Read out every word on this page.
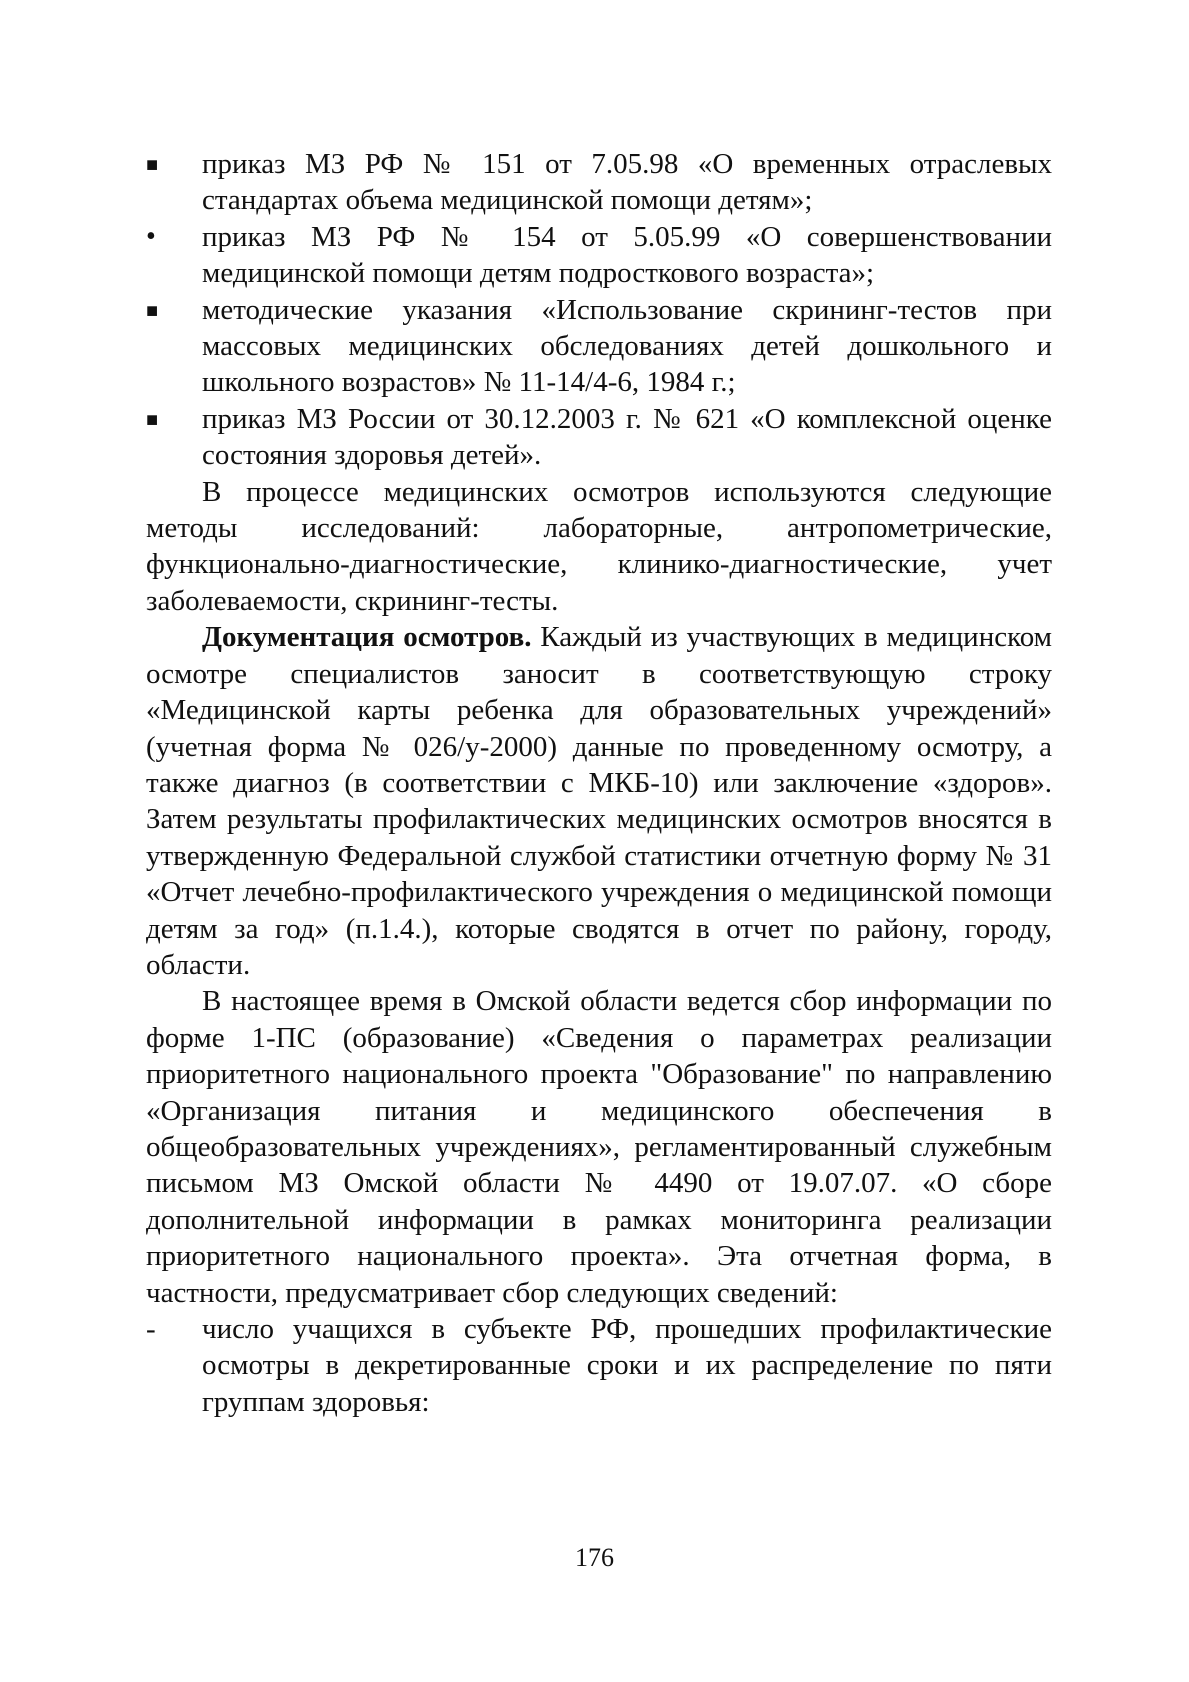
■	приказ МЗ РФ № 151 от 7.05.98 «О временных отраслевых стандартах объема медицинской помощи детям»;
•	приказ МЗ РФ № 154 от 5.05.99 «О совершенствовании медицинской помощи детям подросткового возраста»;
■	методические указания «Использование скрининг-тестов при массовых медицинских обследованиях детей дошкольного и школьного возрастов» № 11-14/4-6, 1984 г.;
■	приказ МЗ России от 30.12.2003 г. № 621 «О комплексной оценке состояния здоровья детей».

В процессе медицинских осмотров используются следующие методы исследований: лабораторные, антропометрические, функционально-диагностические, клинико-диагностические, учет заболеваемости, скрининг-тесты.

Документация осмотров. Каждый из участвующих в медицинском осмотре специалистов заносит в соответствующую строку «Медицинской карты ребенка для образовательных учреждений» (учетная форма № 026/у-2000) данные по проведенному осмотру, а также диагноз (в соответствии с МКБ-10) или заключение «здоров». Затем результаты профилактических медицинских осмотров вносятся в утвержденную Федеральной службой статистики отчетную форму № 31 «Отчет лечебно-профилактического учреждения о медицинской помощи детям за год» (п.1.4.), которые сводятся в отчет по району, городу, области.

В настоящее время в Омской области ведется сбор информации по форме 1-ПС (образование) «Сведения о параметрах реализации приоритетного национального проекта "Образование" по направлению «Организация питания и медицинского обеспечения в общеобразовательных учреждениях», регламентированный служебным письмом МЗ Омской области № 4490 от 19.07.07. «О сборе дополнительной информации в рамках мониторинга реализации приоритетного национального проекта». Эта отчетная форма, в частности, предусматривает сбор следующих сведений:

-	число учащихся в субъекте РФ, прошедших профилактические осмотры в декретированные сроки и их распределение по пяти группам здоровья:
176
